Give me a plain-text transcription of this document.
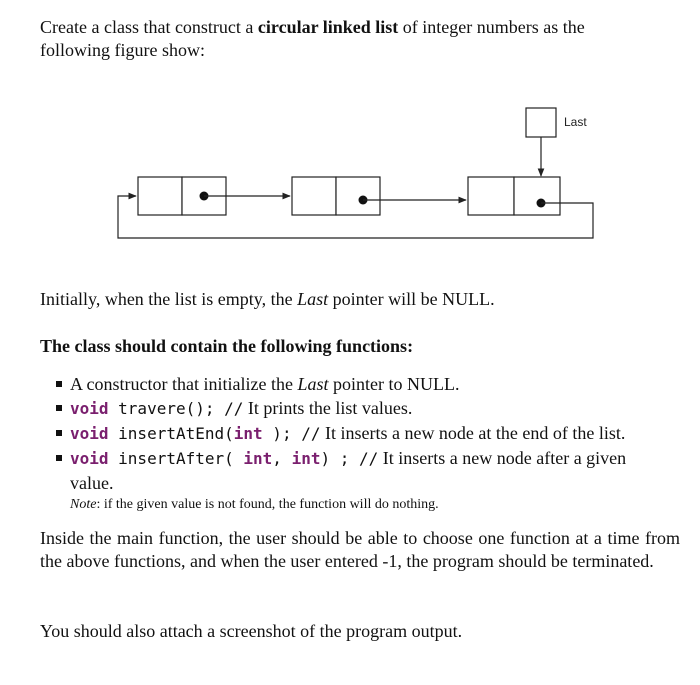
Create a class that construct a circular linked list of integer numbers as the
following figure show:
Last
Initially, when the list is empty, the Last pointer will be NULL.
The class should contain the following functions:
A constructor that initialize the Last pointer to NULL.
void travere(); // It prints the list values.
void insertAtEnd(int ); // It inserts a new node at the end of the list.
void insertAfter( int, int) ; // It inserts a new node after a given
value.
Note: if the given value is not found, the function will do nothing.
Inside the main function, the user should be able to choose one function at a time from the above functions, and when the user entered -1, the program should be terminated.
You should also attach a screenshot of the program output.
